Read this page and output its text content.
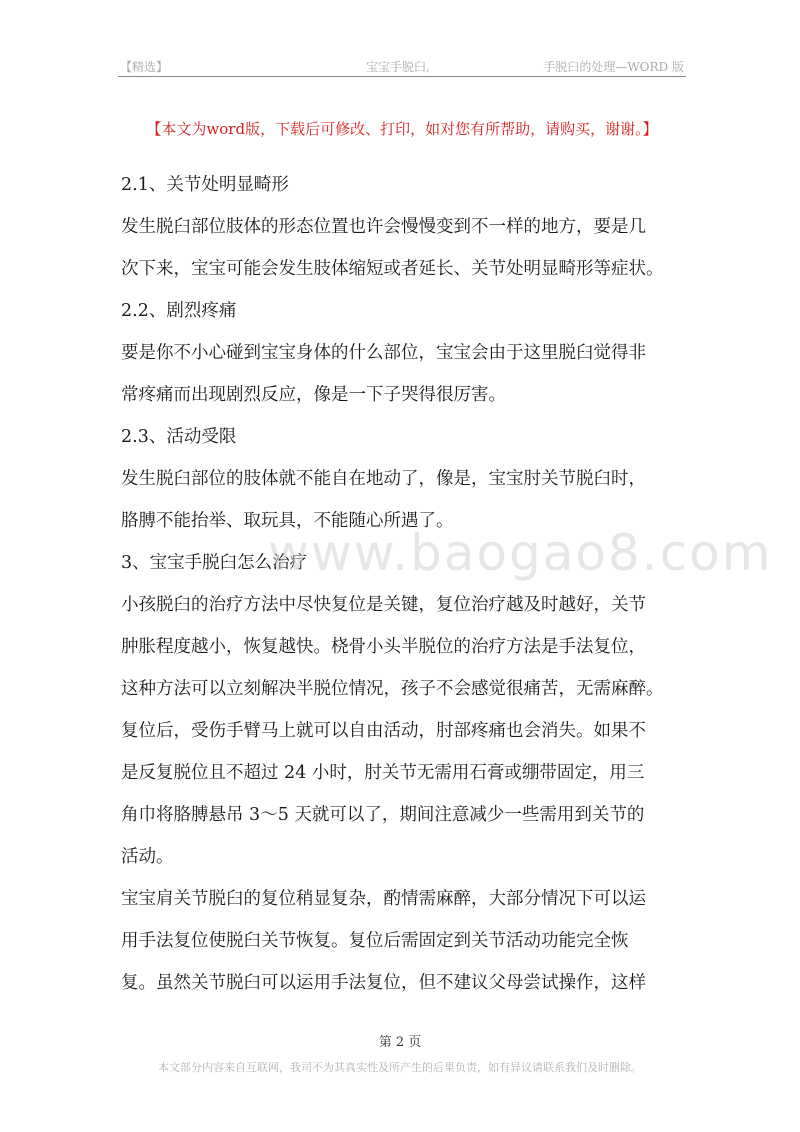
【精选】	宝宝手脱臼,	手脱臼的处理—WORD 版
【本文为word版，下载后可修改、打印，如对您有所帮助，请购买，谢谢。】
2.1、关节处明显畸形
发生脱臼部位肢体的形态位置也许会慢慢变到不一样的地方，要是几
次下来，宝宝可能会发生肢体缩短或者延长、关节处明显畸形等症状。
2.2、剧烈疼痛
要是你不小心碰到宝宝身体的什么部位，宝宝会由于这里脱臼觉得非
常疼痛而出现剧烈反应，像是一下子哭得很厉害。
2.3、活动受限
发生脱臼部位的肢体就不能自在地动了，像是，宝宝肘关节脱臼时，
胳膊不能抬举、取玩具，不能随心所遇了。
3、宝宝手脱臼怎么治疗
小孩脱臼的治疗方法中尽快复位是关键，复位治疗越及时越好，关节
肿胀程度越小，恢复越快。桡骨小头半脱位的治疗方法是手法复位，
这种方法可以立刻解决半脱位情况，孩子不会感觉很痛苦，无需麻醉。
复位后，受伤手臂马上就可以自由活动，肘部疼痛也会消失。如果不
是反复脱位且不超过 24 小时，肘关节无需用石膏或绷带固定，用三
角巾将胳膊悬吊 3～5 天就可以了，期间注意减少一些需用到关节的
活动。
宝宝肩关节脱臼的复位稍显复杂，酌情需麻醉，大部分情况下可以运
用手法复位使脱臼关节恢复。复位后需固定到关节活动功能完全恢
复。虽然关节脱臼可以运用手法复位，但不建议父母尝试操作，这样
www.baogao8.com
第 2 页
本文部分内容来自互联网，我司不为其真实性及所产生的后果负责，如有异议请联系我们及时删除。
